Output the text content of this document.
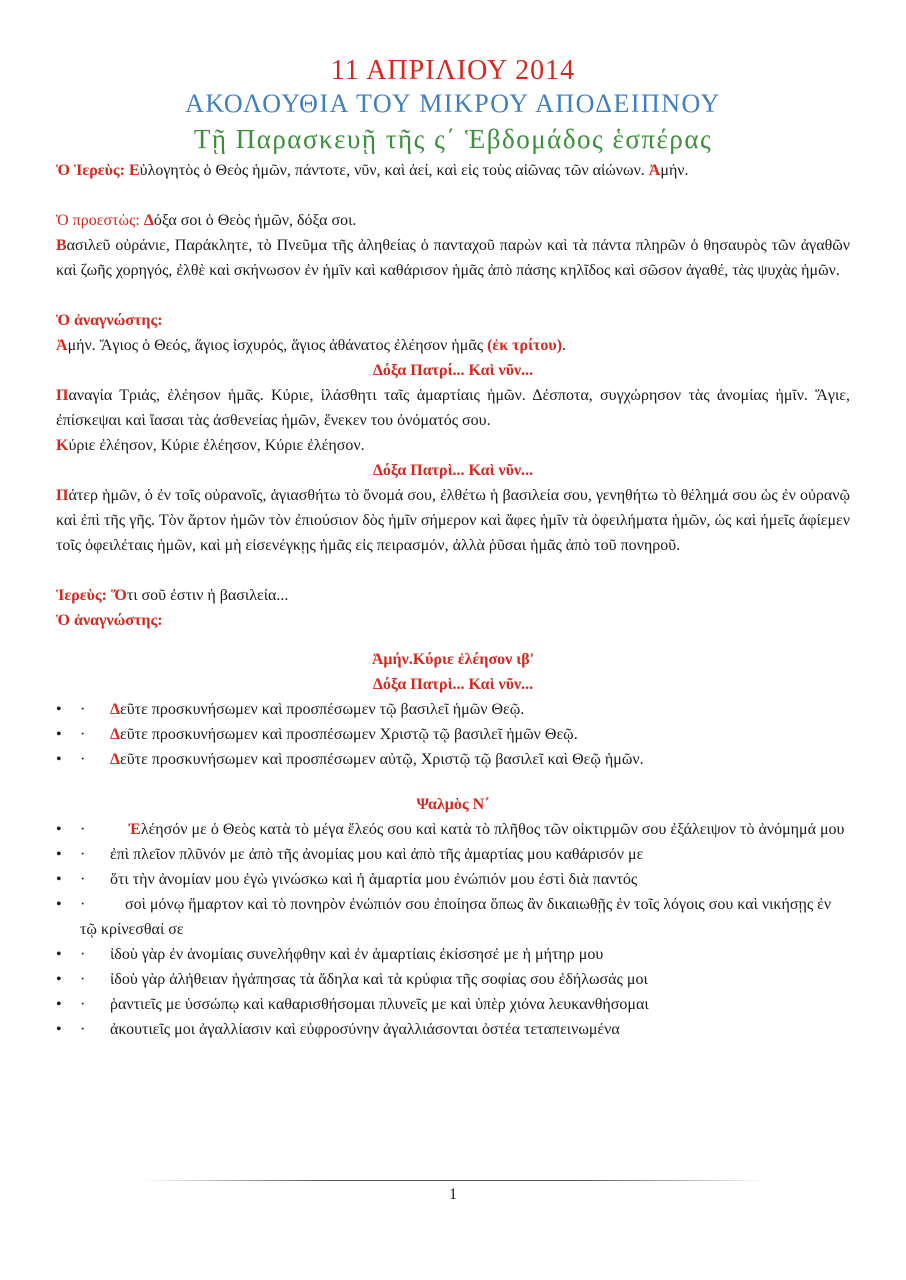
11 ΑΠΡΙΛΙΟΥ 2014
ΑΚΟΛΟΥΘΙΑ ΤΟΥ ΜΙΚΡΟΥ ΑΠΟΔΕΙΠΝΟΥ
Τῇ Παρασκευῇ τῆς ς΄ Ἑβδομάδος ἑσπέρας

Ὁ Ἱερεὺς: Εὐλογητὸς ὁ Θεὸς ἡμῶν, πάντοτε, νῦν, καὶ ἀεί, καὶ εἰς τοὺς αἰῶνας τῶν αἰώνων. Ἀμήν.

Ὁ προεστὼς: Δόξα σοι ὁ Θεὸς ἡμῶν, δόξα σοι.

Βασιλεῦ οὐράνιε, Παράκλητε, τὸ Πνεῦμα τῆς ἀληθείας ὁ πανταχοῦ παρὼν καὶ τὰ πάντα πληρῶν ὁ θησαυρὸς τῶν ἀγαθῶν καὶ ζωῆς χορηγός, ἐλθὲ καὶ σκήνωσον ἐν ἡμῖν καὶ καθάρισον ἡμᾶς ἀπὸ πάσης κηλῖδος καὶ σῶσον ἀγαθέ, τὰς ψυχὰς ἡμῶν.

Ὁ ἀναγνώστης:

Ἀμήν. Ἅγιος ὁ Θεός, ἅγιος ἰσχυρός, ἅγιος ἀθάνατος ἐλέησον ἡμᾶς (ἐκ τρίτου).

Δόξα Πατρί... Καὶ νῦν...

Παναγία Τριάς, ἐλέησον ἡμᾶς. Κύριε, ἱλάσθητι ταῖς ἁμαρτίαις ἡμῶν. Δέσποτα, συγχώρησον τὰς ἀνομίας ἡμῖν. Ἅγιε, ἐπίσκεψαι καὶ ἴασαι τὰς ἀσθενείας ἡμῶν, ἕνεκεν του ὀνόματός σου.
Κύριε ἐλέησον, Κύριε ἐλέησον, Κύριε ἐλέησον.

Δόξα Πατρὶ... Καὶ νῦν...

Πάτερ ἡμῶν, ὁ ἐν τοῖς οὐρανοῖς, ἁγιασθήτω τὸ ὄνομά σου, ἐλθέτω ἡ βασιλεία σου, γενηθήτω τὸ θέλημά σου ὡς ἐν οὐρανῷ καὶ ἐπὶ τῆς γῆς. Τὸν ἄρτον ἡμῶν τὸν ἐπιούσιον δὸς ἡμῖν σήμερον καὶ ἄφες ἡμῖν τὰ ὀφειλήματα ἡμῶν, ὡς καὶ ἡμεῖς ἀφίεμεν τοῖς ὀφειλέταις ἡμῶν, καὶ μὴ εἰσενέγκῃς ἡμᾶς εἰς πειρασμόν, ἀλλὰ ῥῦσαι ἡμᾶς ἀπὸ τοῦ πονηροῦ.

Ἱερεὺς: Ὅτι σοῦ ἐστιν ἡ βασιλεία...

Ὁ ἀναγνώστης:

Ἀμήν.Κύριε ἐλέησον ιβ'

Δόξα Πατρὶ... Καὶ νῦν...

• · Δεῦτε προσκυνήσωμεν καὶ προσπέσωμεν τῷ βασιλεῖ ἡμῶν Θεῷ.
• · Δεῦτε προσκυνήσωμεν καὶ προσπέσωμεν Χριστῷ τῷ βασιλεῖ ἡμῶν Θεῷ.
• · Δεῦτε προσκυνήσωμεν καὶ προσπέσωμεν αὐτῷ, Χριστῷ τῷ βασιλεῖ καὶ Θεῷ ἡμῶν.

Ψαλμὸς Ν΄

• ·	Ἐλέησόν με ὁ Θεὸς κατὰ τὸ μέγα ἔλεός σου καὶ κατὰ τὸ πλῆθος τῶν οἰκτιρμῶν σου ἐξάλειψον τὸ ἀνόμημά μου
• · ἐπὶ πλεῖον πλῦνόν με ἀπὸ τῆς ἀνομίας μου καὶ ἀπὸ τῆς ἁμαρτίας μου καθάρισόν με
• · ὅτι τὴν ἀνομίαν μου ἐγὼ γινώσκω καὶ ἡ ἁμαρτία μου ἐνώπιόν μου ἐστὶ διὰ παντός
• · σοὶ μόνῳ ἥμαρτον καὶ τὸ πονηρὸν ἐνώπιόν σου ἐποίησα ὅπως ἂν δικαιωθῇς ἐν τοῖς λόγοις σου καὶ νικήσῃς ἐν τῷ κρίνεσθαί σε
• · ἰδοὺ γὰρ ἐν ἀνομίαις συνελήφθην καὶ ἐν ἁμαρτίαις ἐκίσσησέ με ἡ μήτηρ μου
• · ἰδοὺ γὰρ ἀλήθειαν ἠγάπησας τὰ ἄδηλα καὶ τὰ κρύφια τῆς σοφίας σου ἐδήλωσάς μοι
• · ῥαντιεῖς με ὑσσώπῳ καὶ καθαρισθήσομαι πλυνεῖς με καὶ ὑπὲρ χιόνα λευκανθήσομαι
• · ἀκουτιεῖς μοι ἀγαλλίασιν καὶ εὐφροσύνην ἀγαλλιάσονται ὀστέα τεταπεινωμένα
1
